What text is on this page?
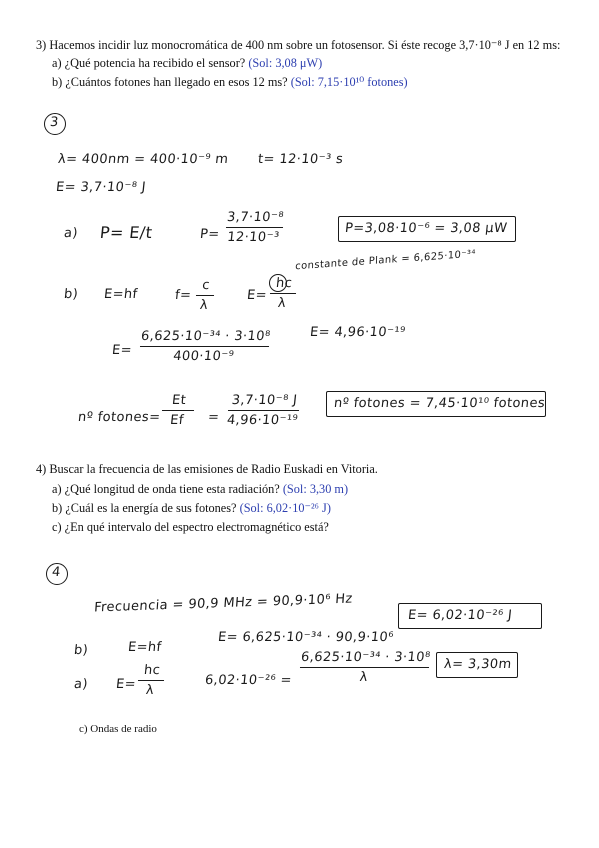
3) Hacemos incidir luz monocromática de 400 nm sobre un fotosensor. Si éste recoge 3,7·10⁻⁸ J en 12 ms:
a) ¿Qué potencia ha recibido el sensor? (Sol: 3,08 μW)
b) ¿Cuántos fotones han llegado en esos 12 ms? (Sol: 7,15·10¹⁰ fotones)
3
λ= 400nm = 400·10⁻⁹ m t= 12·10⁻³ s
E= 3,7·10⁻⁸ J
a) P= E/t	P=
3,7·10⁻⁸
12·10⁻³
P=3,08·10⁻⁶ = 3,08 μW
b) E=hf	f=
c
λ
E=
hc
λ
constante de Plank = 6,625·10⁻³⁴
E=
6,625·10⁻³⁴ · 3·10⁸
400·10⁻⁹
E= 4,96·10⁻¹⁹
nº fotones=
Et
Ef	=
3,7·10⁻⁸ J
4,96·10⁻¹⁹
nº fotones = 7,45·10¹⁰ fotones
4) Buscar la frecuencia de las emisiones de Radio Euskadi en Vitoria.
a) ¿Qué longitud de onda tiene esta radiación? (Sol: 3,30 m)
b) ¿Cuál es la energía de sus fotones? (Sol: 6,02·10⁻²⁶ J)
c) ¿En qué intervalo del espectro electromagnético está?
4
Frecuencia = 90,9 MHz = 90,9·10⁶ Hz
b)	E=hf
E= 6,625·10⁻³⁴ · 90,9·10⁶
E= 6,02·10⁻²⁶ J
a) E=
hc
λ
6,02·10⁻²⁶ =
6,625·10⁻³⁴ · 3·10⁸
λ
λ= 3,30m
c) Ondas de radio
